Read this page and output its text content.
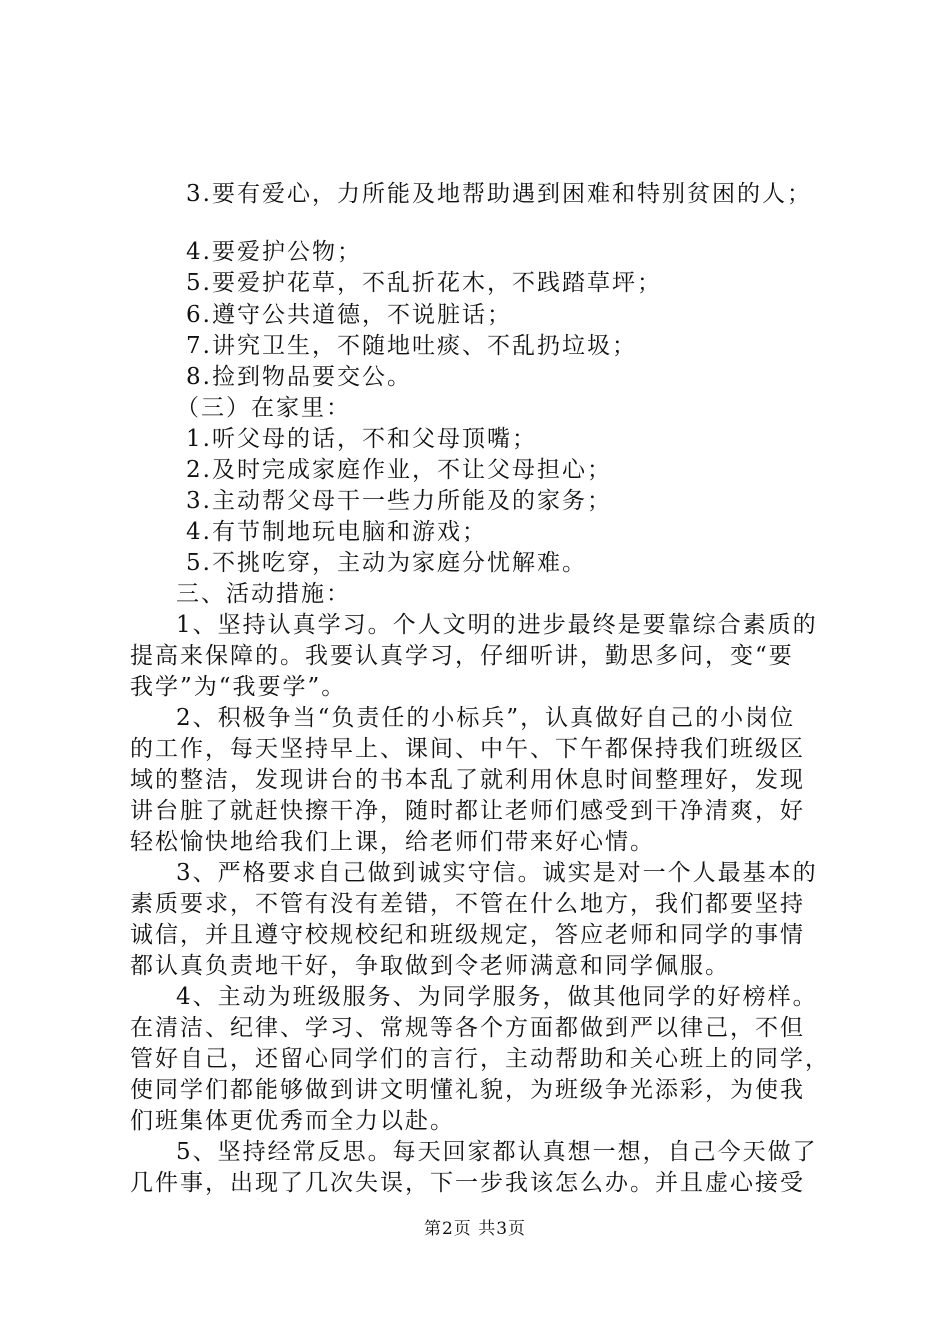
3.要有爱心，力所能及地帮助遇到困难和特别贫困的人；
4.要爱护公物；
5.要爱护花草，不乱折花木，不践踏草坪；
6.遵守公共道德，不说脏话；
7.讲究卫生，不随地吐痰、不乱扔垃圾；
8.捡到物品要交公。
（三）在家里：
1.听父母的话，不和父母顶嘴；
2.及时完成家庭作业，不让父母担心；
3.主动帮父母干一些力所能及的家务；
4.有节制地玩电脑和游戏；
5.不挑吃穿，主动为家庭分忧解难。
三、活动措施：
1、坚持认真学习。个人文明的进步最终是要靠综合素质的
提高来保障的。我要认真学习，仔细听讲，勤思多问，变“要
我学”为“我要学”。
2、积极争当“负责任的小标兵”，认真做好自己的小岗位
的工作，每天坚持早上、课间、中午、下午都保持我们班级区
域的整洁，发现讲台的书本乱了就利用休息时间整理好，发现
讲台脏了就赶快擦干净，随时都让老师们感受到干净清爽，好
轻松愉快地给我们上课，给老师们带来好心情。
3、严格要求自己做到诚实守信。诚实是对一个人最基本的
素质要求，不管有没有差错，不管在什么地方，我们都要坚持
诚信，并且遵守校规校纪和班级规定，答应老师和同学的事情
都认真负责地干好，争取做到令老师满意和同学佩服。
4、主动为班级服务、为同学服务，做其他同学的好榜样。
在清洁、纪律、学习、常规等各个方面都做到严以律己，不但
管好自己，还留心同学们的言行，主动帮助和关心班上的同学，
使同学们都能够做到讲文明懂礼貌，为班级争光添彩，为使我
们班集体更优秀而全力以赴。
5、坚持经常反思。每天回家都认真想一想，自己今天做了
几件事，出现了几次失误，下一步我该怎么办。并且虚心接受
第2页 共3页
